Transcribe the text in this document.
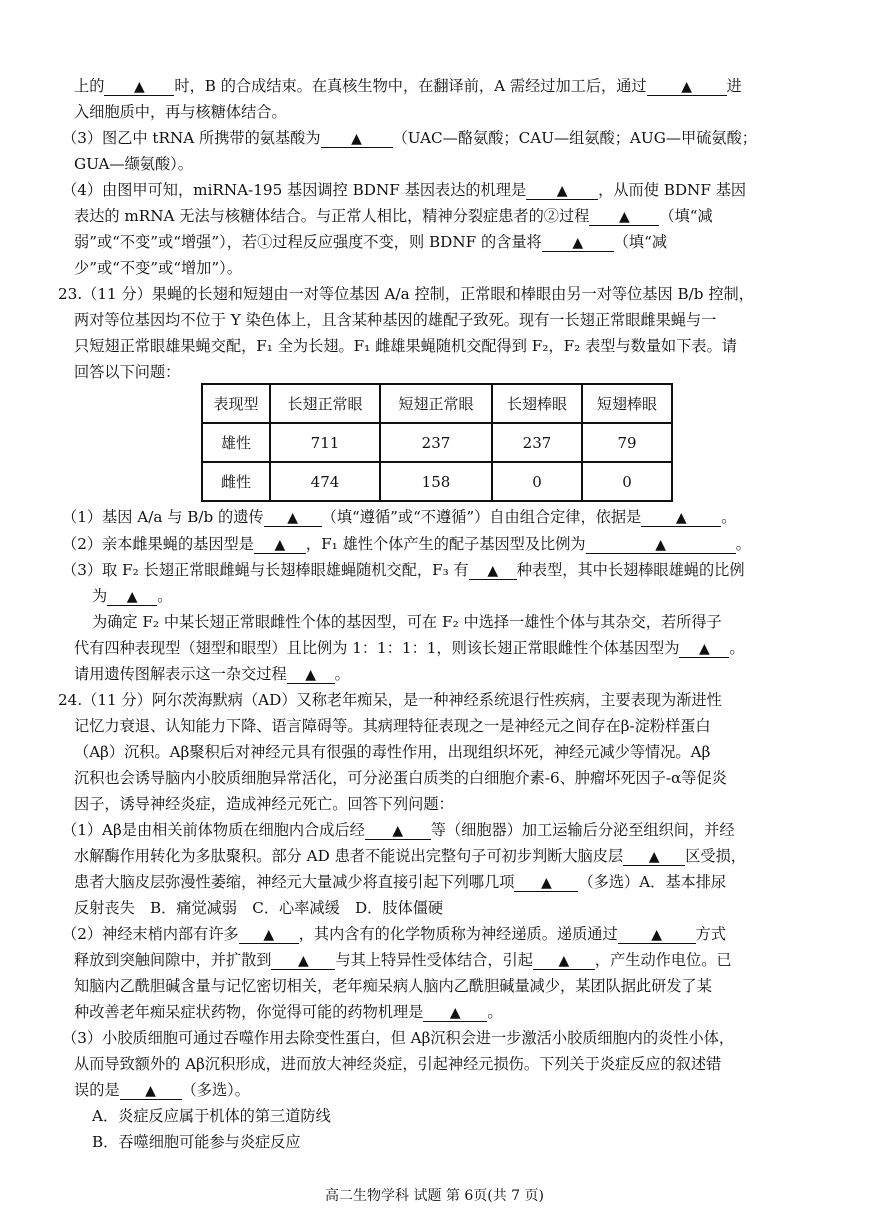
上的 ▲ 时，B 的合成结束。在真核生物中，在翻译前，A 需经过加工后，通过 ▲ 进
入细胞质中，再与核糖体结合。
（3）图乙中 tRNA 所携带的氨基酸为 ▲ （UAC—酪氨酸；CAU—组氨酸；AUG—甲硫氨酸；
GUA—缬氨酸）。
（4）由图甲可知，miRNA-195 基因调控 BDNF 基因表达的机理是 ▲ ，从而使 BDNF 基因
表达的 mRNA 无法与核糖体结合。与正常人相比，精神分裂症患者的②过程 ▲ （填“减
弱”或“不变”或“增强”），若①过程反应强度不变，则 BDNF 的含量将 ▲ （填“减
少”或“不变”或“增加”）。
23.（11 分）果蝇的长翅和短翅由一对等位基因 A/a 控制，正常眼和棒眼由另一对等位基因 B/b 控制，
两对等位基因均不位于 Y 染色体上，且含某种基因的雄配子致死。现有一长翅正常眼雌果蝇与一
只短翅正常眼雄果蝇交配，F₁ 全为长翅。F₁ 雌雄果蝇随机交配得到 F₂，F₂ 表型与数量如下表。请
回答以下问题：
（1）基因 A/a 与 B/b 的遗传 ▲ （填“遵循”或“不遵循”）自由组合定律，依据是 ▲ 。
（2）亲本雌果蝇的基因型是 ▲ ，F₁ 雄性个体产生的配子基因型及比例为	▲	。
（3）取 F₂ 长翅正常眼雌蝇与长翅棒眼雄蝇随机交配，F₃ 有 ▲ 种表型，其中长翅棒眼雄蝇的比例
为 ▲ 。
为确定 F₂ 中某长翅正常眼雌性个体的基因型，可在 F₂ 中选择一雄性个体与其杂交，若所得子
代有四种表现型（翅型和眼型）且比例为 1：1：1：1，则该长翅正常眼雌性个体基因型为 ▲ 。
请用遗传图解表示这一杂交过程 ▲ 。
24.（11 分）阿尔茨海默病（AD）又称老年痴呆，是一种神经系统退行性疾病，主要表现为渐进性
记忆力衰退、认知能力下降、语言障碍等。其病理特征表现之一是神经元之间存在β-淀粉样蛋白
（Aβ）沉积。Aβ聚积后对神经元具有很强的毒性作用，出现组织坏死，神经元减少等情况。Aβ
沉积也会诱导脑内小胶质细胞异常活化，可分泌蛋白质类的白细胞介素-6、肿瘤坏死因子-α等促炎
因子，诱导神经炎症，造成神经元死亡。回答下列问题：
（1）Aβ是由相关前体物质在细胞内合成后经 ▲ 等（细胞器）加工运输后分泌至组织间，并经
水解酶作用转化为多肽聚积。部分 AD 患者不能说出完整句子可初步判断大脑皮层 ▲ 区受损，
患者大脑皮层弥漫性萎缩，神经元大量减少将直接引起下列哪几项 ▲ （多选）A．基本排尿
反射丧失　B．痛觉减弱　C．心率减缓　D．肢体僵硬
（2）神经末梢内部有许多 ▲ ，其内含有的化学物质称为神经递质。递质通过 ▲ 方式
释放到突触间隙中，并扩散到 ▲ 与其上特异性受体结合，引起 ▲ ，产生动作电位。已
知脑内乙酰胆碱含量与记忆密切相关，老年痴呆病人脑内乙酰胆碱量减少，某团队据此研发了某
种改善老年痴呆症状药物，你觉得可能的药物机理是 ▲ 。
（3）小胶质细胞可通过吞噬作用去除变性蛋白，但 Aβ沉积会进一步激活小胶质细胞内的炎性小体，
从而导致额外的 Aβ沉积形成，进而放大神经炎症，引起神经元损伤。下列关于炎症反应的叙述错
误的是 ▲ （多选）。
A．炎症反应属于机体的第三道防线
B．吞噬细胞可能参与炎症反应
表现型	长翅正常眼	短翅正常眼	长翅棒眼	短翅棒眼
雄性	711	237	237	79
雌性	474	158	0	0
高二生物学科 试题 第 6页(共 7 页)
